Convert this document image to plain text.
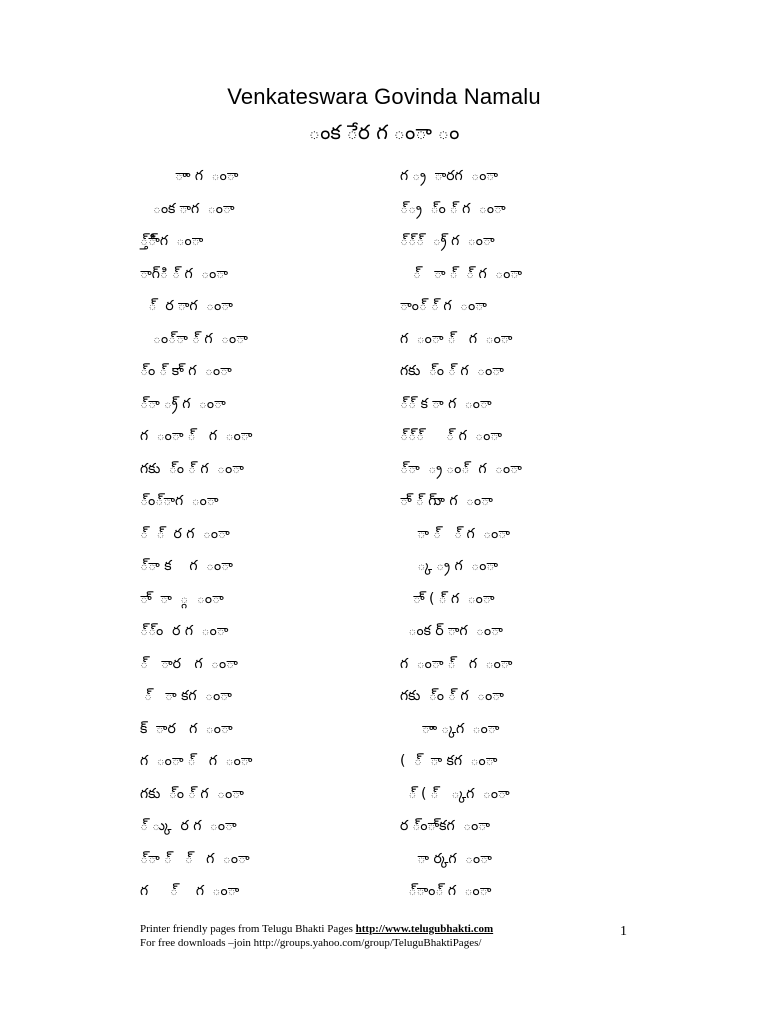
Venkateswara Govinda Namalu
ంక ేర గ ంా ం
ాా గ  ంా
ంక ాగ  ంా
్త్ి్ాగ  ంా
ాగ్ి ్ గ  ంా
్  ర ాగ  ంా
ం్ా ్ గ  ంా
్ం ్ కా్ గ  ంా
్ా ్ర్ గ  ంా
గ  ంా ్   గ  ంా
గకు  ్ం ్ గ  ంా
్ం్ాగ  ంా
్  ్  ర గ  ంా
్ా క    గ  ంా
ా్  ా  ్గ  ంా
్్ం  ర గ  ంా
్   ార   గ  ంా
్   ా కగ  ంా
క్  ార   గ  ంా
గ  ంా ్   గ  ంా
గకు  ్ం ్ గ  ంా
్ ్కు  ర గ  ంా
్ా ్   ్   గ  ంా
గ     ్    గ  ంా
గ ్ర  ారగ  ంా
్్ర  ్ం ్ గ  ంా
్్్  ్ర్ గ  ంా
్   ా ్  ్ గ  ంా
ాం్ ్ గ  ంా
గ  ంా ్   గ  ంా
గకు  ్ం ్ గ  ంా
్్ క ా గ  ంా
్్్     ్ గ  ంా
్ా  ్ర ం్  గ  ంా
ా్ ్ గుా్ గ  ంా
ా ్   ్ గ  ంా
్క ్ర గ  ంా
ా్ ( ్ గ  ంా
ంక ర్ ాగ  ంా
గ  ంా ్   గ  ంా
గకు  ్ం ్ గ  ంా
ాా ్కగ  ంా
(  ్  ా కగ  ంా
్ ( ్   ్కగ  ంా
ర ్ంా్కగ  ంా
ా ర్కగ  ంా
్ాం్ గ  ంా
Printer friendly pages from Telugu Bhakti Pages http://www.telugubhakti.com
For free downloads –join http://groups.yahoo.com/group/TeluguBhaktiPages/
1
